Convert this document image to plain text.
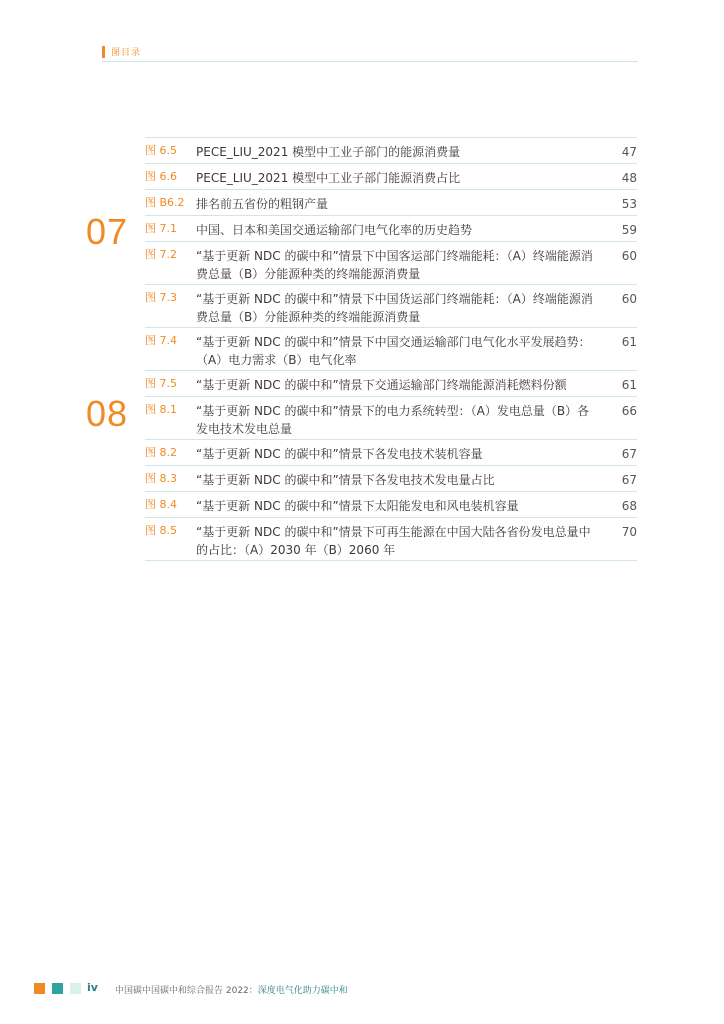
图目录
07
08
图 6.5 PECE_LIU_2021 模型中工业子部门的能源消费量	47
图 6.6 PECE_LIU_2021 模型中工业子部门能源消费占比	48
图 B6.2 排名前五省份的粗钢产量	53
图 7.1 中国、日本和美国交通运输部门电气化率的历史趋势	59
图 7.2 “基于更新 NDC 的碳中和”情景下中国客运部门终端能耗：（A）终端能源消费总量（B）分能源种类的终端能源消费量
60
图 7.3 “基于更新 NDC 的碳中和”情景下中国货运部门终端能耗：（A）终端能源消费总量（B）分能源种类的终端能源消费量
60
图 7.4 “基于更新 NDC 的碳中和”情景下中国交通运输部门电气化水平发展趋势：（A）电力需求（B）电气化率
61
图 7.5 “基于更新 NDC 的碳中和”情景下交通运输部门终端能源消耗燃料份额	61
图 8.1 “基于更新 NDC 的碳中和”情景下的电力系统转型：（A）发电总量（B）各发电技术发电总量
66
图 8.2 “基于更新 NDC 的碳中和”情景下各发电技术装机容量	67
图 8.3 “基于更新 NDC 的碳中和”情景下各发电技术发电量占比	67
图 8.4 “基于更新 NDC 的碳中和”情景下太阳能发电和风电装机容量	68
图 8.5 “基于更新 NDC 的碳中和”情景下可再生能源在中国大陆各省份发电总量中的占比：（A）2030 年（B）2060 年
70
iv 中国碳中国碳中和综合报告 2022：深度电气化助力碳中和
